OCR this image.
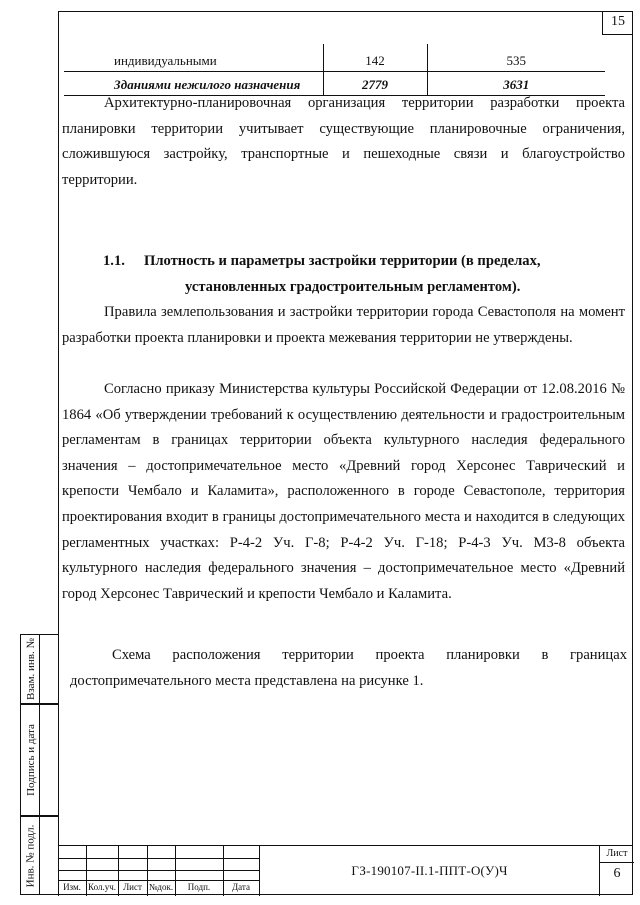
15
индивидуальными	142	535
Зданиями нежилого назначения	2779	3631
Архитектурно-планировочная организация территории разработки проекта планировки территории учитывает существующие планировочные ограничения, сложившуюся застройку, транспортные и пешеходные связи и благоустройство территории.
1.1. Плотность и параметры застройки территории (в пределах,
установленных градостроительным регламентом).
Правила землепользования и застройки территории города Севастополя на момент разработки проекта планировки и проекта межевания территории не утверждены.
Согласно приказу Министерства культуры Российской Федерации от 12.08.2016 № 1864 «Об утверждении требований к осуществлению деятельности и градостроительным регламентам в границах территории объекта культурного наследия федерального значения – достопримечательное место «Древний город Херсонес Таврический и крепости Чембало и Каламита», расположенного в городе Севастополе, территория проектирования входит в границы достопримечательного места и находится в следующих регламентных участках: Р-4-2 Уч. Г-8; Р-4-2 Уч. Г-18; Р-4-3 Уч. М3-8 объекта культурного наследия федерального значения – достопримечательное место «Древний город Херсонес Таврический и крепости Чембало и Каламита.
Схема расположения территории проекта планировки в границах достопримечательного места представлена на рисунке 1.
Взам. инв. №
Подпись и дата
Инв. № подл.
Изм. Кол.уч. Лист №док.	Подп.	Дата
ГЗ-190107-II.1-ППТ-О(У)Ч
Лист
6
